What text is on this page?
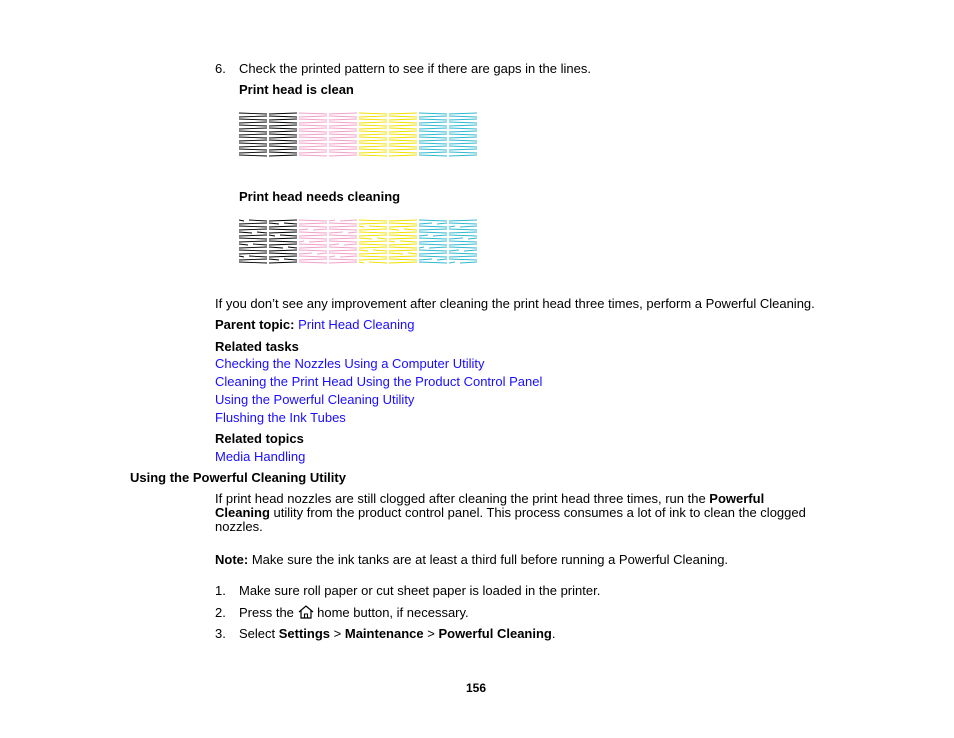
6. Check the printed pattern to see if there are gaps in the lines.
Print head is clean
Print head needs cleaning
If you don’t see any improvement after cleaning the print head three times, perform a Powerful Cleaning.
Parent topic: Print Head Cleaning
Related tasks
Checking the Nozzles Using a Computer Utility
Cleaning the Print Head Using the Product Control Panel
Using the Powerful Cleaning Utility
Flushing the Ink Tubes
Related topics
Media Handling
Using the Powerful Cleaning Utility
If print head nozzles are still clogged after cleaning the print head three times, run the Powerful Cleaning utility from the product control panel. This process consumes a lot of ink to clean the clogged nozzles.
Note: Make sure the ink tanks are at least a third full before running a Powerful Cleaning.
1. Make sure roll paper or cut sheet paper is loaded in the printer.
2. Press the  home button, if necessary.
3. Select Settings > Maintenance > Powerful Cleaning.
156
